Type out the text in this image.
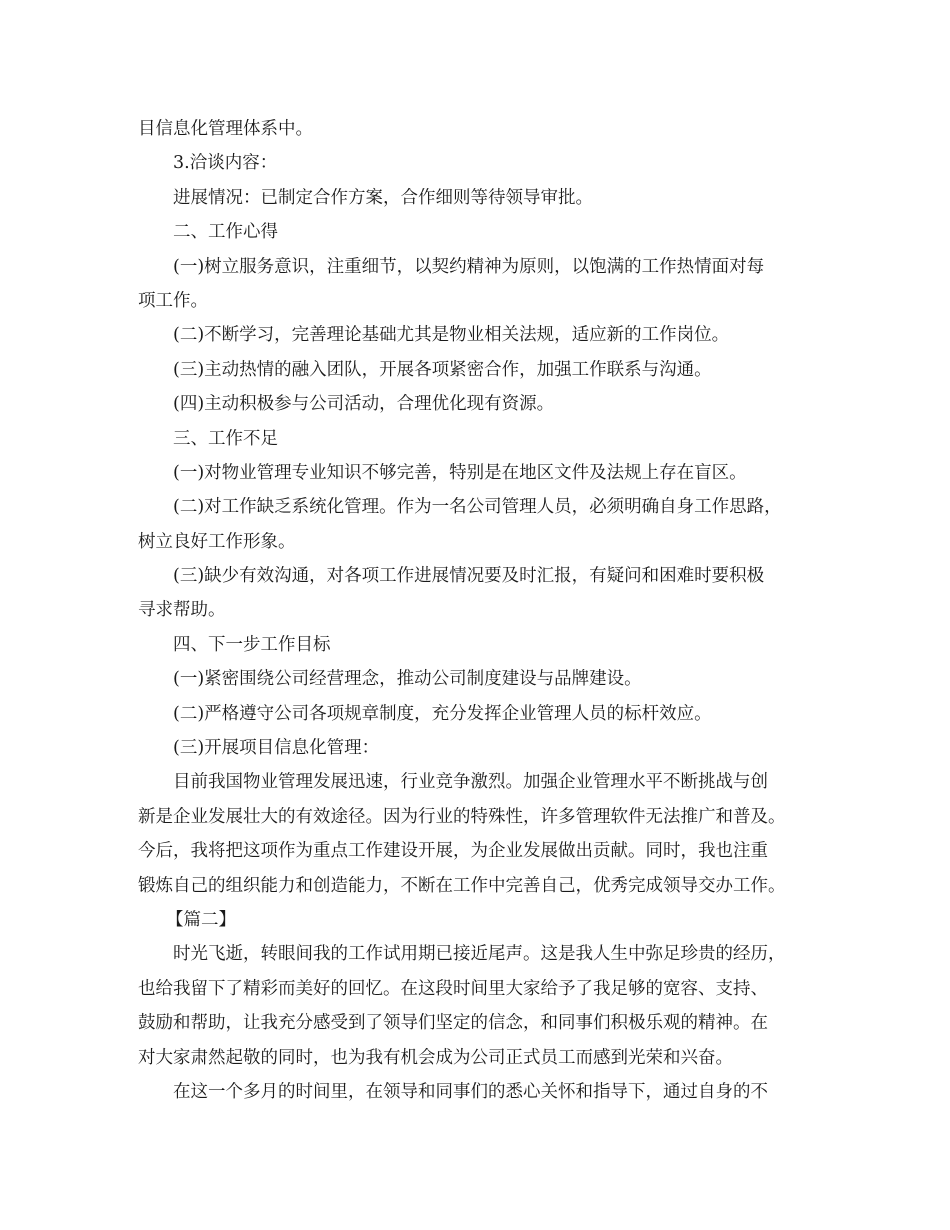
目信息化管理体系中。
3.洽谈内容：
进展情况：已制定合作方案，合作细则等待领导审批。
二、工作心得
(一)树立服务意识，注重细节，以契约精神为原则，以饱满的工作热情面对每
项工作。
(二)不断学习，完善理论基础尤其是物业相关法规，适应新的工作岗位。
(三)主动热情的融入团队，开展各项紧密合作，加强工作联系与沟通。
(四)主动积极参与公司活动，合理优化现有资源。
三、工作不足
(一)对物业管理专业知识不够完善，特别是在地区文件及法规上存在盲区。
(二)对工作缺乏系统化管理。作为一名公司管理人员，必须明确自身工作思路，
树立良好工作形象。
(三)缺少有效沟通，对各项工作进展情况要及时汇报，有疑问和困难时要积极
寻求帮助。
四、下一步工作目标
(一)紧密围绕公司经营理念，推动公司制度建设与品牌建设。
(二)严格遵守公司各项规章制度，充分发挥企业管理人员的标杆效应。
(三)开展项目信息化管理：
目前我国物业管理发展迅速，行业竞争激烈。加强企业管理水平不断挑战与创
新是企业发展壮大的有效途径。因为行业的特殊性，许多管理软件无法推广和普及。
今后，我将把这项作为重点工作建设开展，为企业发展做出贡献。同时，我也注重
锻炼自己的组织能力和创造能力，不断在工作中完善自己，优秀完成领导交办工作。
【篇二】
时光飞逝，转眼间我的工作试用期已接近尾声。这是我人生中弥足珍贵的经历，
也给我留下了精彩而美好的回忆。在这段时间里大家给予了我足够的宽容、支持、
鼓励和帮助，让我充分感受到了领导们坚定的信念，和同事们积极乐观的精神。在
对大家肃然起敬的同时，也为我有机会成为公司正式员工而感到光荣和兴奋。
在这一个多月的时间里，在领导和同事们的悉心关怀和指导下，通过自身的不
